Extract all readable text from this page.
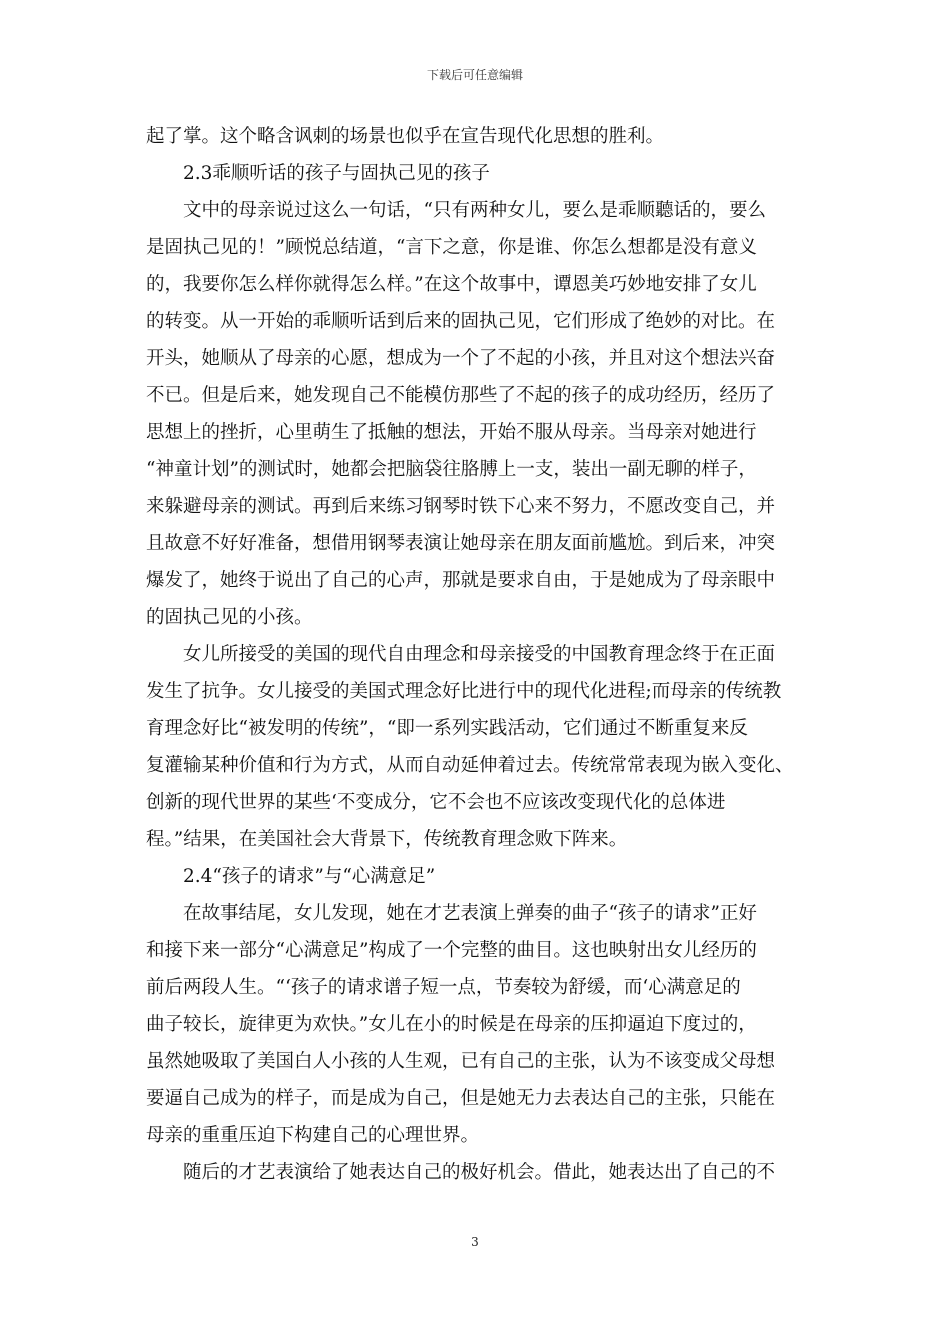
下载后可任意编辑
起了掌。这个略含讽刺的场景也似乎在宣告现代化思想的胜利。
2.3乖顺听话的孩子与固执己见的孩子
文中的母亲说过这么一句话，“只有两种女儿，要么是乖顺聽话的，要么
是固执己见的！”顾悦总结道，“言下之意，你是谁、你怎么想都是没有意义
的，我要你怎么样你就得怎么样。”在这个故事中，谭恩美巧妙地安排了女儿
的转变。从一开始的乖顺听话到后来的固执己见，它们形成了绝妙的对比。在
开头，她顺从了母亲的心愿，想成为一个了不起的小孩，并且对这个想法兴奋
不已。但是后来，她发现自己不能模仿那些了不起的孩子的成功经历，经历了
思想上的挫折，心里萌生了抵触的想法，开始不服从母亲。当母亲对她进行
“神童计划”的测试时，她都会把脑袋往胳膊上一支，装出一副无聊的样子，
来躲避母亲的测试。再到后来练习钢琴时铁下心来不努力，不愿改变自己，并
且故意不好好准备，想借用钢琴表演让她母亲在朋友面前尴尬。到后来，冲突
爆发了，她终于说出了自己的心声，那就是要求自由，于是她成为了母亲眼中
的固执己见的小孩。
女儿所接受的美国的现代自由理念和母亲接受的中国教育理念终于在正面
发生了抗争。女儿接受的美国式理念好比进行中的现代化进程;而母亲的传统教
育理念好比“被发明的传统”，“即一系列实践活动，它们通过不断重复来反
复灌输某种价值和行为方式，从而自动延伸着过去。传统常常表现为嵌入变化、
创新的现代世界的某些‘不变成分，它不会也不应该改变现代化的总体进
程。”结果，在美国社会大背景下，传统教育理念败下阵来。
2.4“孩子的请求”与“心满意足”
在故事结尾，女儿发现，她在才艺表演上弹奏的曲子“孩子的请求”正好
和接下来一部分“心满意足”构成了一个完整的曲目。这也映射出女儿经历的
前后两段人生。“‘孩子的请求谱子短一点，节奏较为舒缓，而‘心满意足的
曲子较长，旋律更为欢快。”女儿在小的时候是在母亲的压抑逼迫下度过的，
虽然她吸取了美国白人小孩的人生观，已有自己的主张，认为不该变成父母想
要逼自己成为的样子，而是成为自己，但是她无力去表达自己的主张，只能在
母亲的重重压迫下构建自己的心理世界。
随后的才艺表演给了她表达自己的极好机会。借此，她表达出了自己的不
3
